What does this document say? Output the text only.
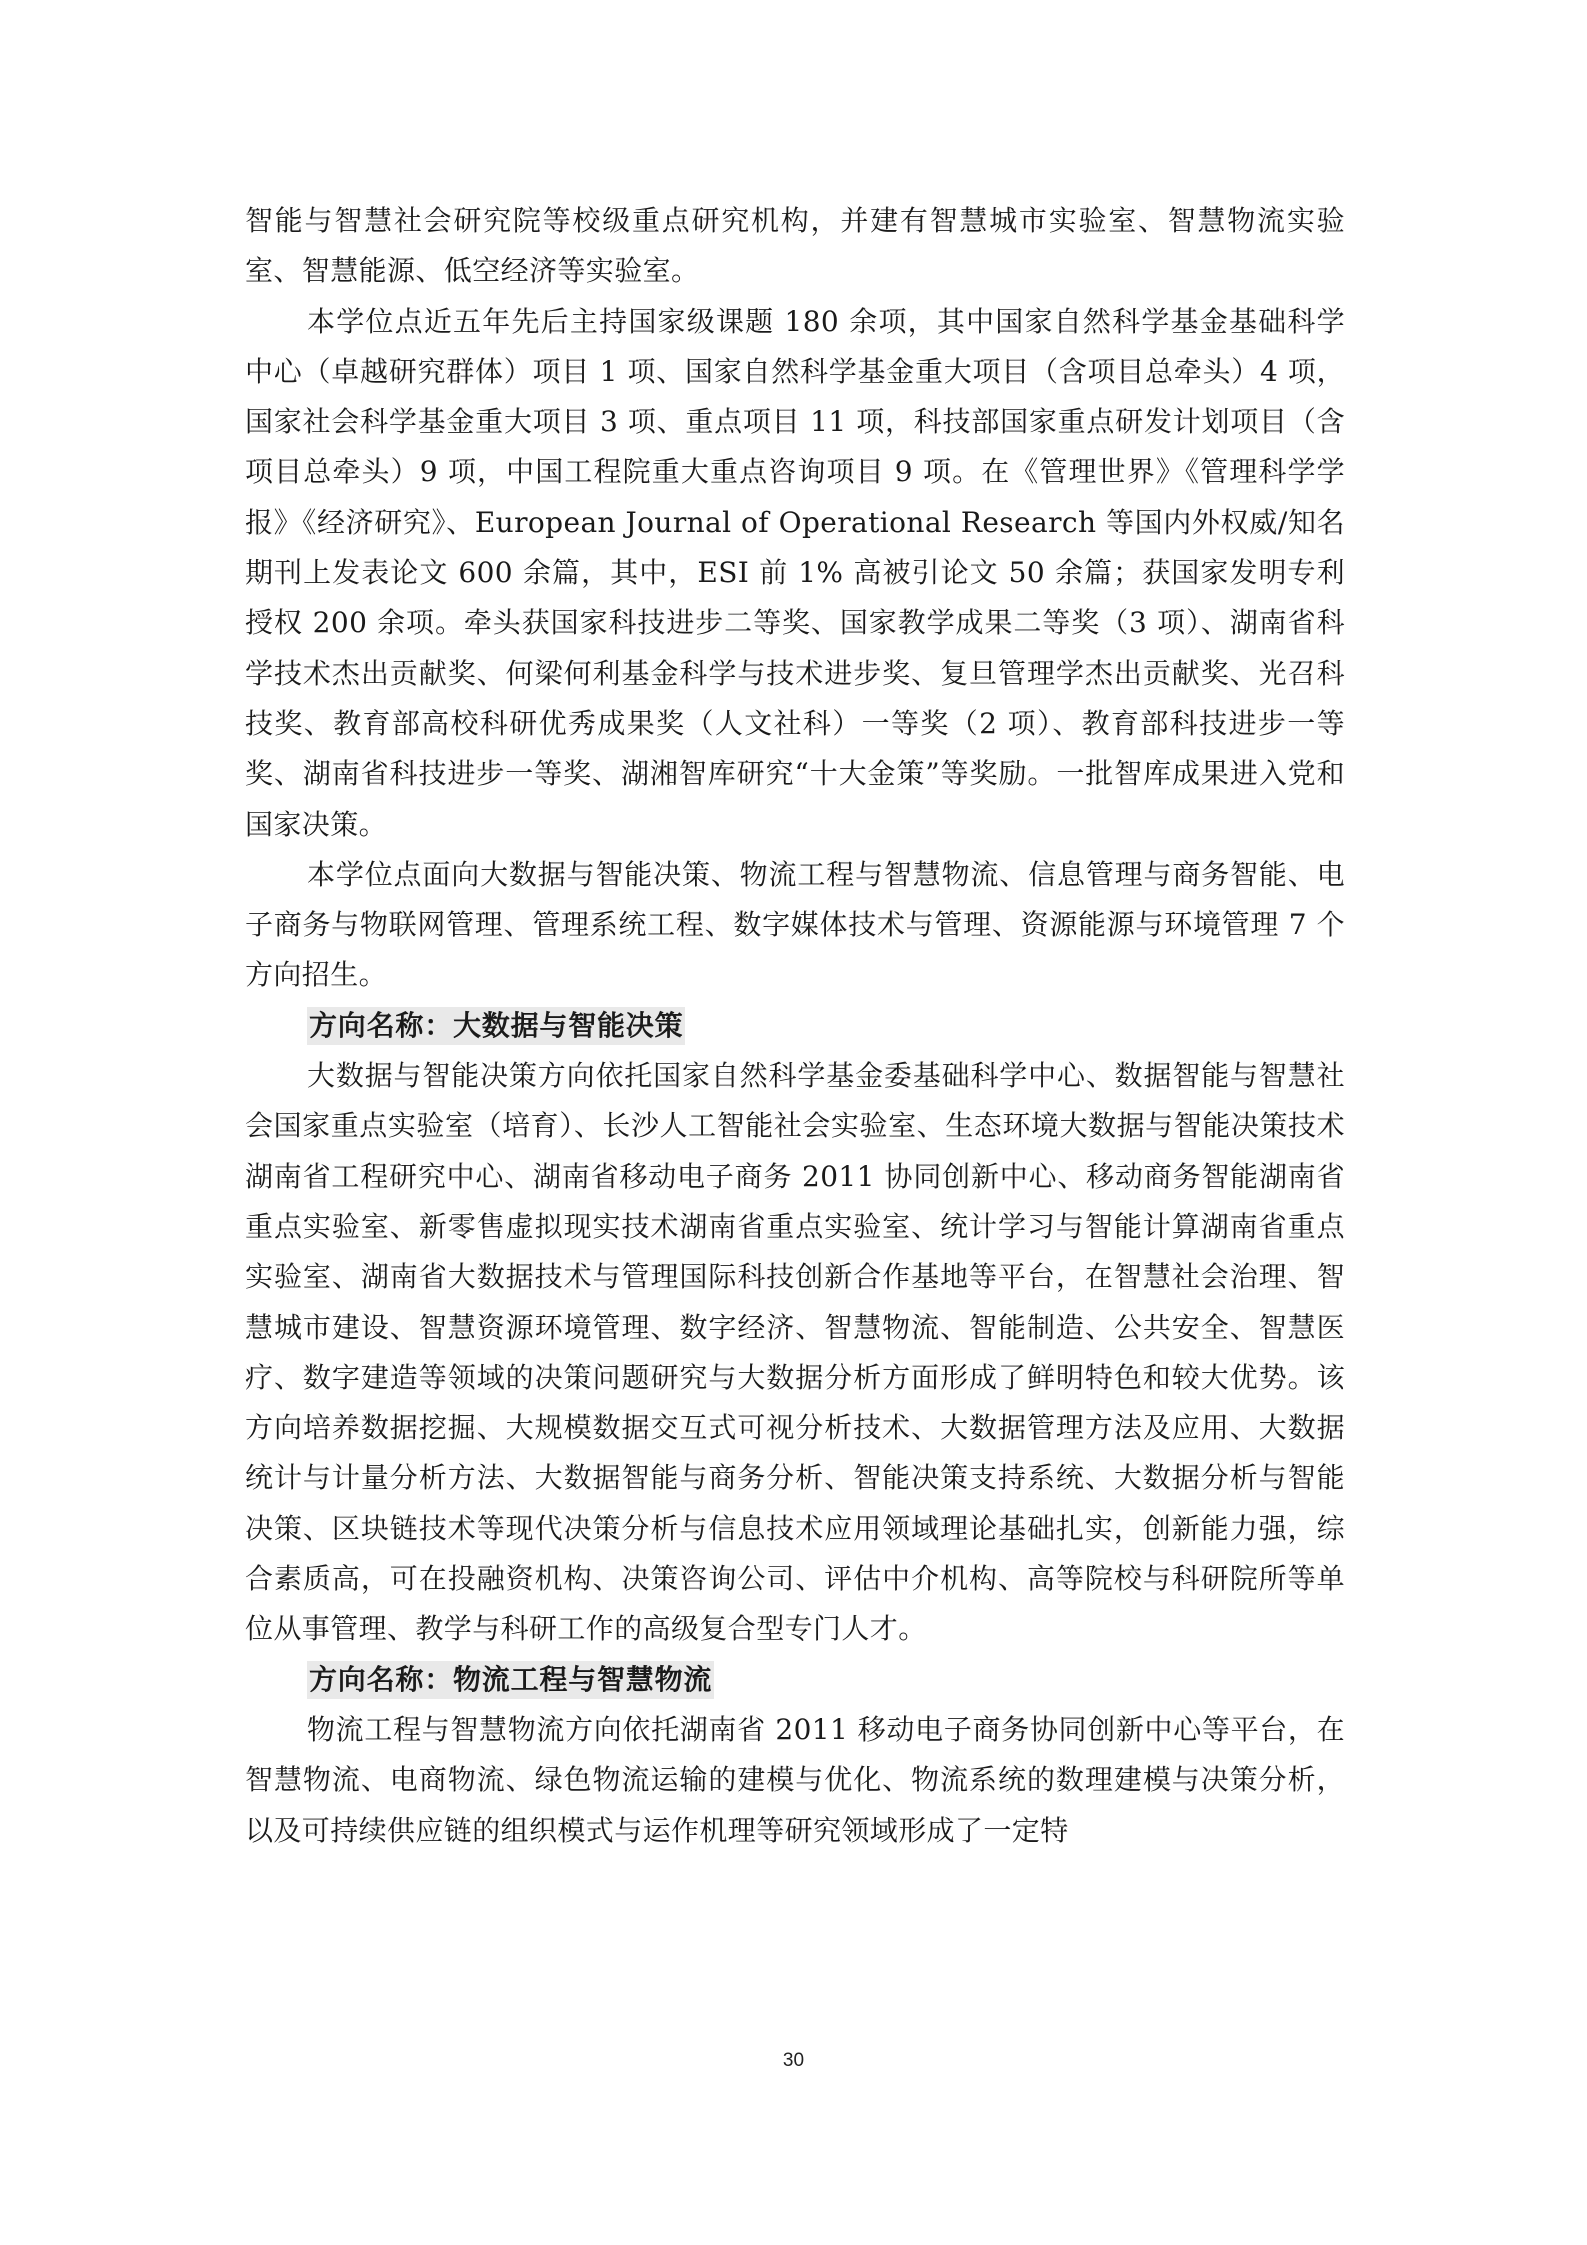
智能与智慧社会研究院等校级重点研究机构，并建有智慧城市实验室、智慧物流实验室、智慧能源、低空经济等实验室。

本学位点近五年先后主持国家级课题 180 余项，其中国家自然科学基金基础科学中心（卓越研究群体）项目 1 项、国家自然科学基金重大项目（含项目总牵头）4 项，国家社会科学基金重大项目 3 项、重点项目 11 项，科技部国家重点研发计划项目（含项目总牵头）9 项，中国工程院重大重点咨询项目 9 项。在《管理世界》《管理科学学报》《经济研究》、European Journal of Operational Research 等国内外权威/知名期刊上发表论文 600 余篇，其中，ESI 前 1% 高被引论文 50 余篇；获国家发明专利授权 200 余项。牵头获国家科技进步二等奖、国家教学成果二等奖（3 项）、湖南省科学技术杰出贡献奖、何梁何利基金科学与技术进步奖、复旦管理学杰出贡献奖、光召科技奖、教育部高校科研优秀成果奖（人文社科）一等奖（2 项）、教育部科技进步一等奖、湖南省科技进步一等奖、湖湘智库研究“十大金策”等奖励。一批智库成果进入党和国家决策。

本学位点面向大数据与智能决策、物流工程与智慧物流、信息管理与商务智能、电子商务与物联网管理、管理系统工程、数字媒体技术与管理、资源能源与环境管理 7 个方向招生。

方向名称：大数据与智能决策

大数据与智能决策方向依托国家自然科学基金委基础科学中心、数据智能与智慧社会国家重点实验室（培育）、长沙人工智能社会实验室、生态环境大数据与智能决策技术湖南省工程研究中心、湖南省移动电子商务 2011 协同创新中心、移动商务智能湖南省重点实验室、新零售虚拟现实技术湖南省重点实验室、统计学习与智能计算湖南省重点实验室、湖南省大数据技术与管理国际科技创新合作基地等平台，在智慧社会治理、智慧城市建设、智慧资源环境管理、数字经济、智慧物流、智能制造、公共安全、智慧医疗、数字建造等领域的决策问题研究与大数据分析方面形成了鲜明特色和较大优势。该方向培养数据挖掘、大规模数据交互式可视分析技术、大数据管理方法及应用、大数据统计与计量分析方法、大数据智能与商务分析、智能决策支持系统、大数据分析与智能决策、区块链技术等现代决策分析与信息技术应用领域理论基础扎实，创新能力强，综合素质高，可在投融资机构、决策咨询公司、评估中介机构、高等院校与科研院所等单位从事管理、教学与科研工作的高级复合型专门人才。

方向名称：物流工程与智慧物流

物流工程与智慧物流方向依托湖南省 2011 移动电子商务协同创新中心等平台，在智慧物流、电商物流、绿色物流运输的建模与优化、物流系统的数理建模与决策分析，以及可持续供应链的组织模式与运作机理等研究领域形成了一定特

30
